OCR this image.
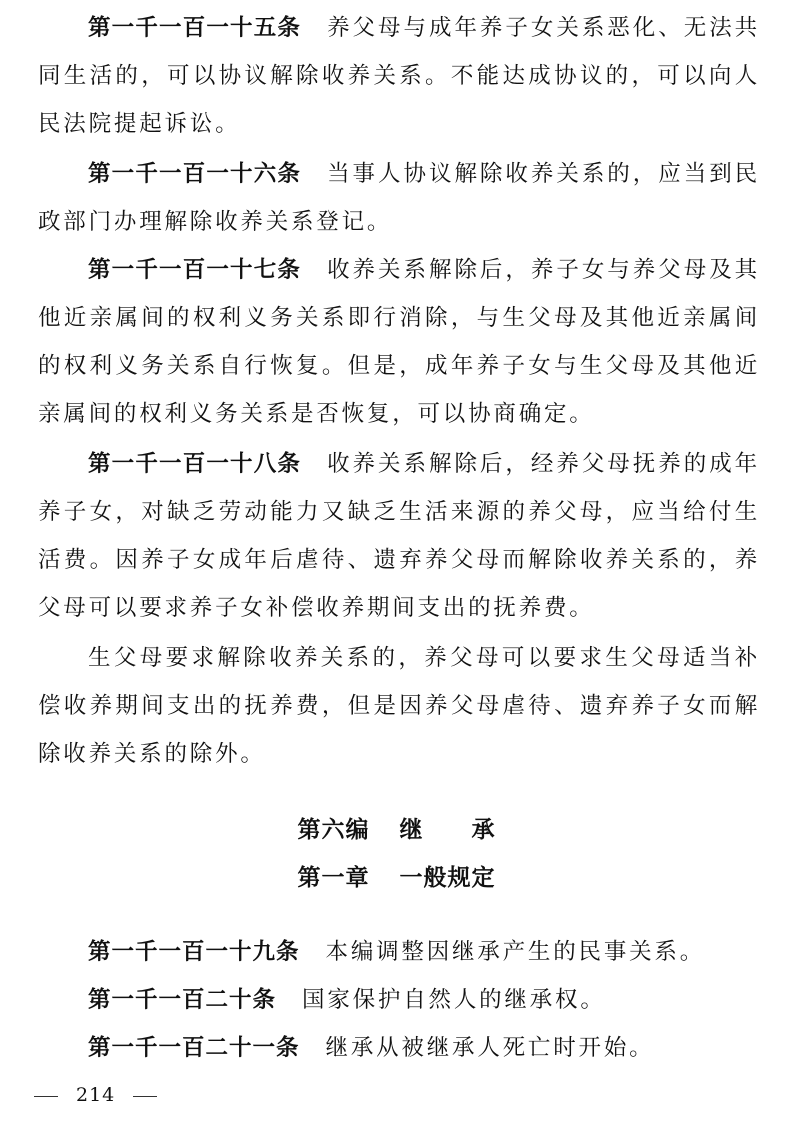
第一千一百一十五条 养父母与成年养子女关系恶化、无法共同生活的，可以协议解除收养关系。不能达成协议的，可以向人民法院提起诉讼。

第一千一百一十六条 当事人协议解除收养关系的，应当到民政部门办理解除收养关系登记。

第一千一百一十七条 收养关系解除后，养子女与养父母及其他近亲属间的权利义务关系即行消除，与生父母及其他近亲属间的权利义务关系自行恢复。但是，成年养子女与生父母及其他近亲属间的权利义务关系是否恢复，可以协商确定。

第一千一百一十八条 收养关系解除后，经养父母抚养的成年养子女，对缺乏劳动能力又缺乏生活来源的养父母，应当给付生活费。因养子女成年后虐待、遗弃养父母而解除收养关系的，养父母可以要求养子女补偿收养期间支出的抚养费。

生父母要求解除收养关系的，养父母可以要求生父母适当补偿收养期间支出的抚养费，但是因养父母虐待、遗弃养子女而解除收养关系的除外。

第六编 继　　承
第一章 一般规定

第一千一百一十九条 本编调整因继承产生的民事关系。

第一千一百二十条 国家保护自然人的继承权。

第一千一百二十一条 继承从被继承人死亡时开始。

214
